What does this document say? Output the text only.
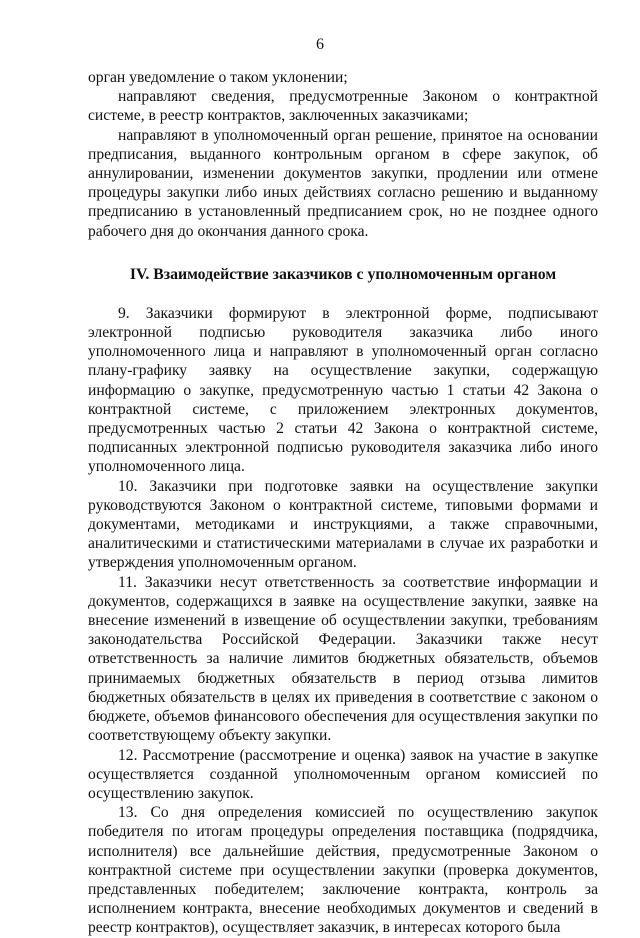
6

орган уведомление о таком уклонении;

направляют сведения, предусмотренные Законом о контрактной системе, в реестр контрактов, заключенных заказчиками;

направляют в уполномоченный орган решение, принятое на основании предписания, выданного контрольным органом в сфере закупок, об аннулировании, изменении документов закупки, продлении или отмене процедуры закупки либо иных действиях согласно решению и выданному предписанию в установленный предписанием срок, но не позднее одного рабочего дня до окончания данного срока.

IV. Взаимодействие заказчиков с уполномоченным органом

9. Заказчики формируют в электронной форме, подписывают электронной подписью руководителя заказчика либо иного уполномоченного лица и направляют в уполномоченный орган согласно плану-графику заявку на осуществление закупки, содержащую информацию о закупке, предусмотренную частью 1 статьи 42 Закона о контрактной системе, с приложением электронных документов, предусмотренных частью 2 статьи 42 Закона о контрактной системе, подписанных электронной подписью руководителя заказчика либо иного уполномоченного лица.

10. Заказчики при подготовке заявки на осуществление закупки руководствуются Законом о контрактной системе, типовыми формами и документами, методиками и инструкциями, а также справочными, аналитическими и статистическими материалами в случае их разработки и утверждения уполномоченным органом.

11. Заказчики несут ответственность за соответствие информации и документов, содержащихся в заявке на осуществление закупки, заявке на внесение изменений в извещение об осуществлении закупки, требованиям законодательства Российской Федерации. Заказчики также несут ответственность за наличие лимитов бюджетных обязательств, объемов принимаемых бюджетных обязательств в период отзыва лимитов бюджетных обязательств в целях их приведения в соответствие с законом о бюджете, объемов финансового обеспечения для осуществления закупки по соответствующему объекту закупки.

12. Рассмотрение (рассмотрение и оценка) заявок на участие в закупке осуществляется созданной уполномоченным органом комиссией по осуществлению закупок.

13. Со дня определения комиссией по осуществлению закупок победителя по итогам процедуры определения поставщика (подрядчика, исполнителя) все дальнейшие действия, предусмотренные Законом о контрактной системе при осуществлении закупки (проверка документов, представленных победителем; заключение контракта, контроль за исполнением контракта, внесение необходимых документов и сведений в реестр контрактов), осуществляет заказчик, в интересах которого была
